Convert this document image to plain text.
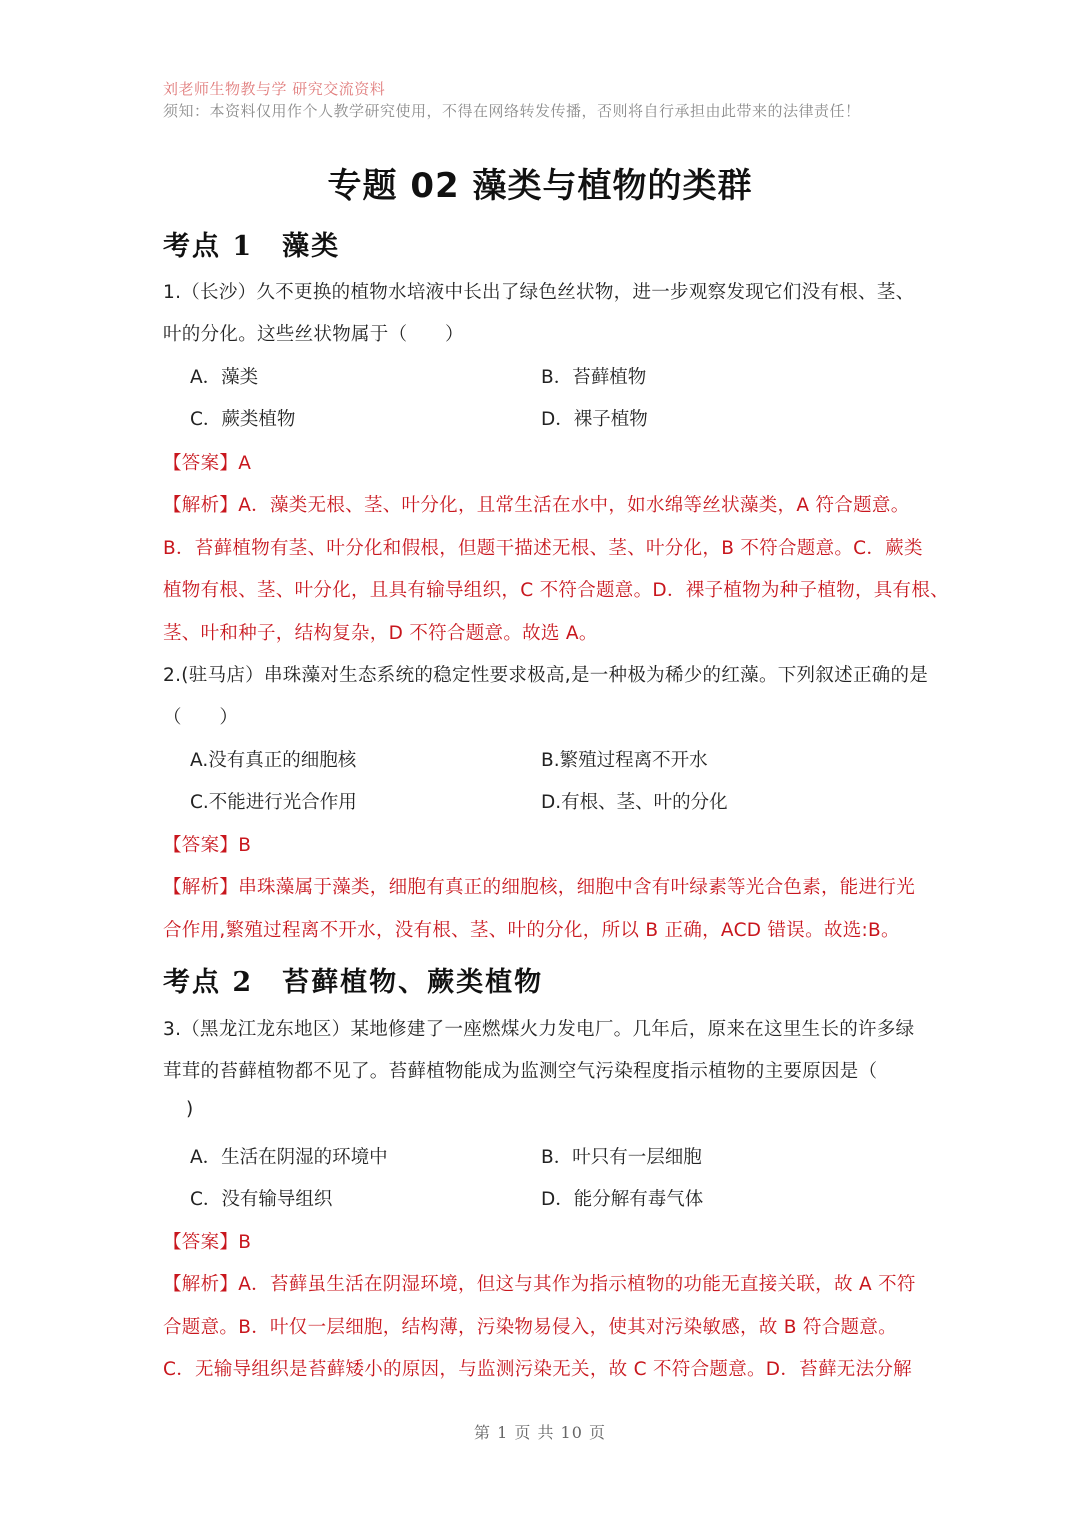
刘老师生物教与学 研究交流资料
须知：本资料仅用作个人教学研究使用，不得在网络转发传播，否则将自行承担由此带来的法律责任！
专题 02 藻类与植物的类群
考点 1　藻类
1.（长沙）久不更换的植物水培液中长出了绿色丝状物，进一步观察发现它们没有根、茎、
叶的分化。这些丝状物属于（　　）
A．藻类	B．苔藓植物
C．蕨类植物	D．裸子植物
【答案】A
【解析】A．藻类无根、茎、叶分化，且常生活在水中，如水绵等丝状藻类，A 符合题意。
B．苔藓植物有茎、叶分化和假根，但题干描述无根、茎、叶分化，B 不符合题意。C．蕨类
植物有根、茎、叶分化，且具有输导组织，C 不符合题意。D．裸子植物为种子植物，具有根、
茎、叶和种子，结构复杂，D 不符合题意。故选 A。
2.(驻马店）串珠藻对生态系统的稳定性要求极高,是一种极为稀少的红藻。下列叙述正确的是
（　　）
A.没有真正的细胞核	B.繁殖过程离不开水
C.不能进行光合作用	D.有根、茎、叶的分化
【答案】B
【解析】串珠藻属于藻类，细胞有真正的细胞核，细胞中含有叶绿素等光合色素，能进行光
合作用,繁殖过程离不开水，没有根、茎、叶的分化，所以 B 正确，ACD 错误。故选:B。
考点 2　苔藓植物、蕨类植物
3.（黑龙江龙东地区）某地修建了一座燃煤火力发电厂。几年后，原来在这里生长的许多绿
茸茸的苔藓植物都不见了。苔藓植物能成为监测空气污染程度指示植物的主要原因是（
)
A．生活在阴湿的环境中	B．叶只有一层细胞
C．没有输导组织	D．能分解有毒气体
【答案】B
【解析】A．苔藓虽生活在阴湿环境，但这与其作为指示植物的功能无直接关联，故 A 不符
合题意。B．叶仅一层细胞，结构薄，污染物易侵入，使其对污染敏感，故 B 符合题意。
C．无输导组织是苔藓矮小的原因，与监测污染无关，故 C 不符合题意。D．苔藓无法分解
第 1 页 共 10 页
